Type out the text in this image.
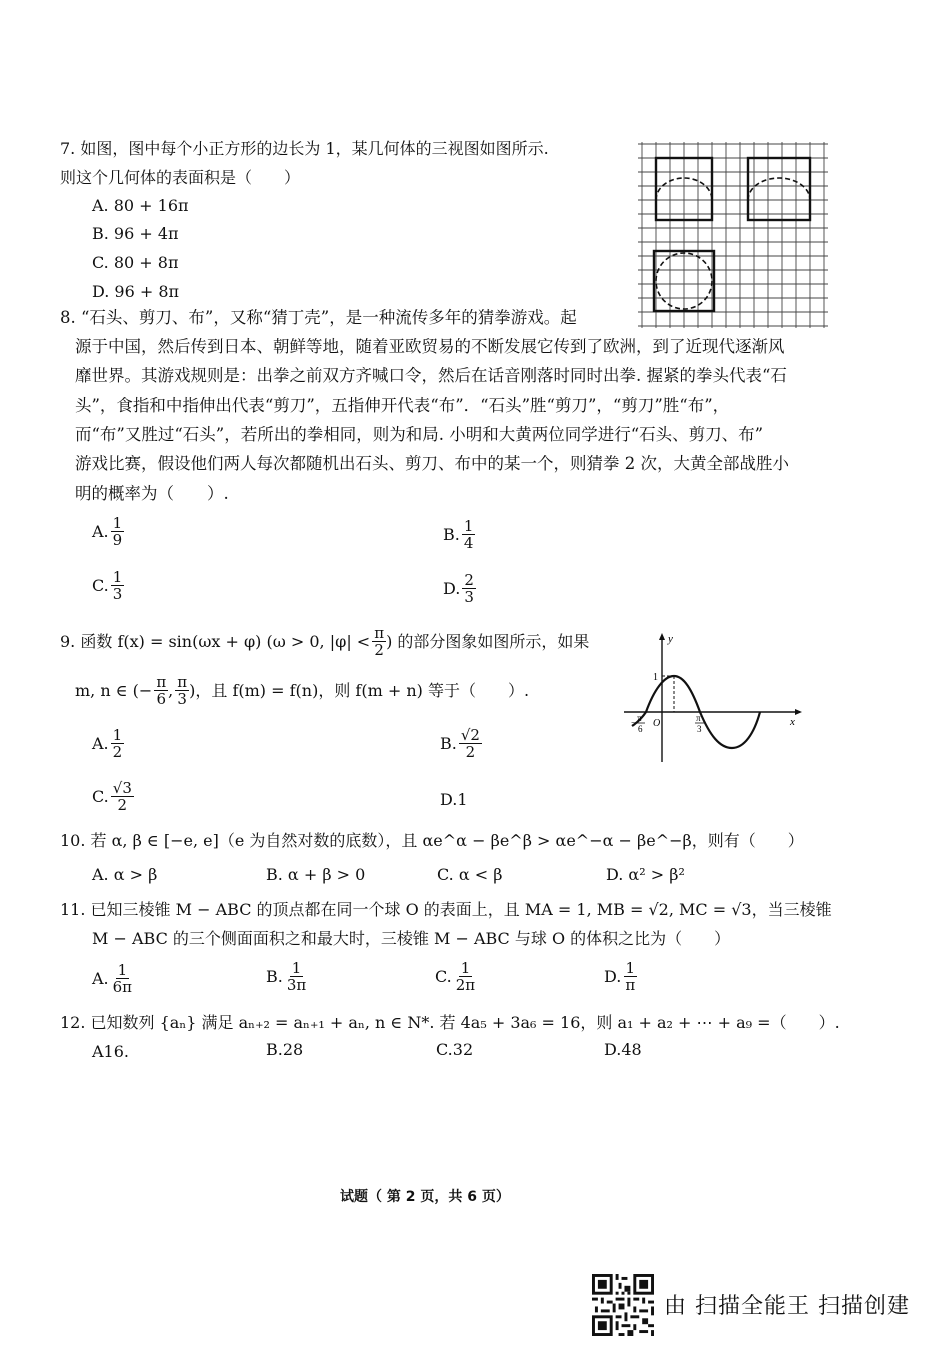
7. 如图，图中每个小正方形的边长为 1，某几何体的三视图如图所示.
则这个几何体的表面积是（　　）
A. 80 + 16π
B. 96 + 4π
C. 80 + 8π
D. 96 + 8π
8. “石头、剪刀、布”，又称“猜丁壳”，是一种流传多年的猜拳游戏。起
源于中国，然后传到日本、朝鲜等地，随着亚欧贸易的不断发展它传到了欧洲，到了近现代逐渐风
靡世界。其游戏规则是：出拳之前双方齐喊口令，然后在话音刚落时同时出拳. 握紧的拳头代表“石
头”，食指和中指伸出代表“剪刀”，五指伸开代表“布”．“石头”胜“剪刀”，“剪刀”胜“布”，
而“布”又胜过“石头”，若所出的拳相同，则为和局. 小明和大黄两位同学进行“石头、剪刀、布”
游戏比赛，假设他们两人每次都随机出石头、剪刀、布中的某一个，则猜拳 2 次，大黄全部战胜小
明的概率为（　　）.
A. $\frac{1}{9}$	B. $\frac{1}{4}$
C. $\frac{1}{3}$	D. $\frac{2}{3}$
9. 函数 f(x) = sin(ωx + φ) (ω > 0, $|\varphi| < \frac{\pi}{2}$ ) 的部分图象如图所示，如果
m, n ∈ (− $\frac{\pi}{6}$ , $\frac{\pi}{3}$ )，且 f(m) = f(n)，则 f(m + n) 等于（　　）.
A. $\frac{1}{2}$	B. $\frac{√2}{2}$
C. $\frac{√3}{2}$	D. 1
y
x
1
O
− π
6
π
3
10. 若 α, β ∈ [−e, e]（e 为自然对数的底数），且 αe^α − βe^β > αe^−α − βe^−β，则有（　　）
A. α > β	B. α + β > 0	C. α < β	D. α² > β²
11. 已知三棱锥 M − ABC 的顶点都在同一个球 O 的表面上，且 MA = 1, MB = √2, MC = √3，当三棱锥
M − ABC 的三个侧面面积之和最大时，三棱锥 M − ABC 与球 O 的体积之比为（　　）
A. $\frac{1}{6\pi}$	B. $\frac{1}{3\pi}$	C. $\frac{1}{2\pi}$	D. $\frac{1}{\pi}$
12. 已知数列 {aₙ} 满足 aₙ₊₂ = aₙ₊₁ + aₙ, n ∈ N*. 若 4a₅ + 3a₆ = 16，则 a₁ + a₂ + ⋯ + a₉ =（　　）.
A16.	B.28	C.32	D.48
试题（ 第 2 页，共 6 页）
由 扫描全能王 扫描创建
